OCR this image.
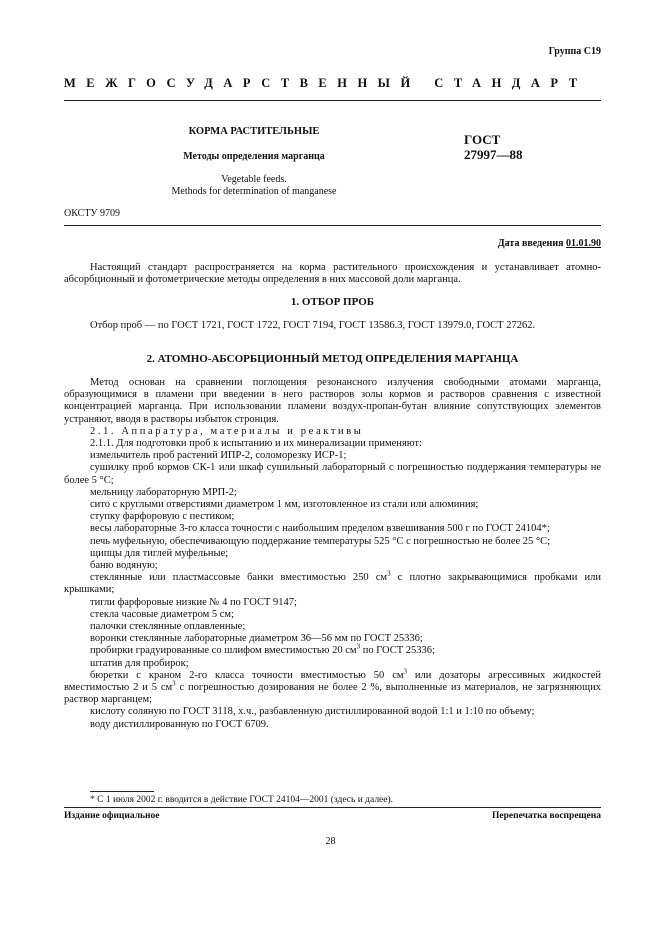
Группа С19
МЕЖГОСУДАРСТВЕННЫЙ СТАНДАРТ
КОРМА РАСТИТЕЛЬНЫЕ
Методы определения марганца
Vegetable feeds.
Methods for determination of manganese
ГОСТ
27997—88
ОКСТУ 9709
Дата введения 01.01.90

Настоящий стандарт распространяется на корма растительного происхождения и устанавливает атомно-абсорбционный и фотометрические методы определения в них массовой доли марганца.

1. ОТБОР ПРОБ

Отбор проб — по ГОСТ 1721, ГОСТ 1722, ГОСТ 7194, ГОСТ 13586.3, ГОСТ 13979.0, ГОСТ 27262.

2. АТОМНО-АБСОРБЦИОННЫЙ МЕТОД ОПРЕДЕЛЕНИЯ МАРГАНЦА

Метод основан на сравнении поглощения резонансного излучения свободными атомами марганца, образующимися в пламени при введении в него растворов золы кормов и растворов сравнения с известной концентрацией марганца. При использовании пламени воздух-пропан-бутан влияние сопутствующих элементов устраняют, вводя в растворы избыток стронция.

2.1. Аппаратура, материалы и реактивы

2.1.1. Для подготовки проб к испытанию и их минерализации применяют:

измельчитель проб растений ИПР-2, соломорезку ИСР-1;

сушилку проб кормов СК-1 или шкаф сушильный лабораторный с погрешностью поддержания температуры не более 5 °С;

мельницу лабораторную МРП-2;

сито с круглыми отверстиями диаметром 1 мм, изготовленное из стали или алюминия;

ступку фарфоровую с пестиком;

весы лабораторные 3-го класса точности с наибольшим пределом взвешивания 500 г по ГОСТ 24104*;

печь муфельную, обеспечивающую поддержание температуры 525 °С с погрешностью не более 25 °С;

щипцы для тиглей муфельные;

баню водяную;

стеклянные или пластмассовые банки вместимостью 250 $см^3$ с плотно закрывающимися пробками или крышками;

тигли фарфоровые низкие № 4 по ГОСТ 9147;

стекла часовые диаметром 5 см;

палочки стеклянные оплавленные;

воронки стеклянные лабораторные диаметром 36—56 мм по ГОСТ 25336;

пробирки градуированные со шлифом вместимостью 20 $см^3$ по ГОСТ 25336;

штатив для пробирок;

бюретки с краном 2-го класса точности вместимостью 50 $см^3$ или дозаторы агрессивных жидкостей вместимостью 2 и 5 $см^3$ с погрешностью дозирования не более 2 %, выполненные из материалов, не загрязняющих раствор марганцем;

кислоту соляную по ГОСТ 3118, х.ч., разбавленную дистиллированной водой 1:1 и 1:10 по объему;

воду дистиллированную по ГОСТ 6709.

* С 1 июля 2002 г. вводится в действие ГОСТ 24104—2001 (здесь и далее).
Издание официальное	Перепечатка воспрещена
28
